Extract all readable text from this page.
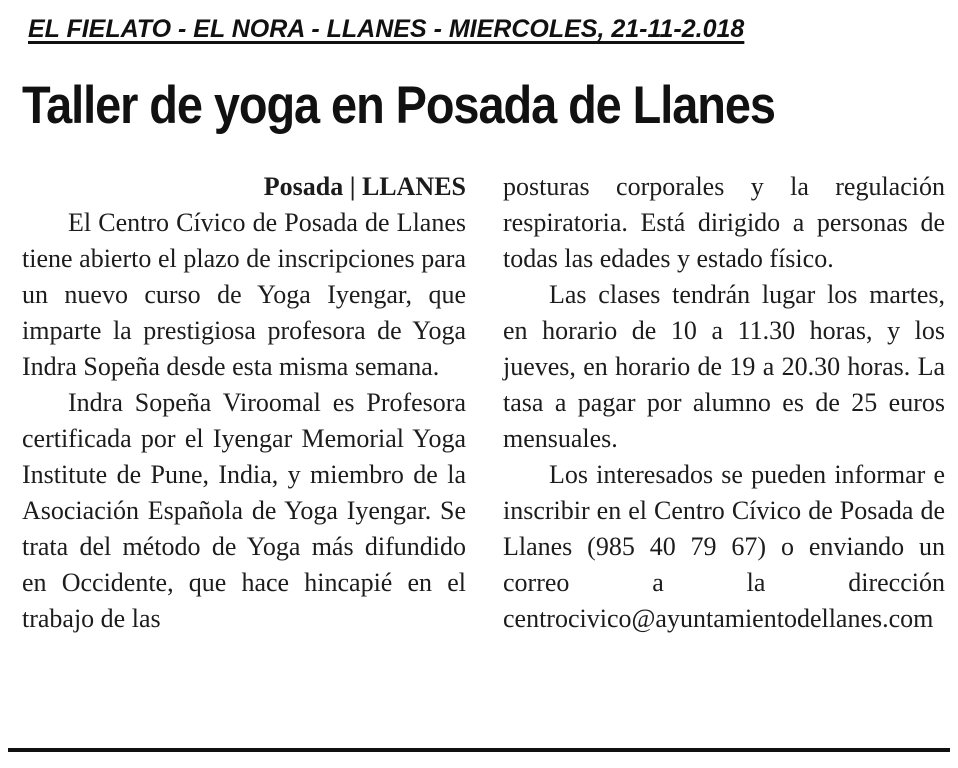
EL FIELATO - EL NORA - LLANES - MIERCOLES, 21-11-2.018
Taller de yoga en Posada de Llanes
Posada | LLANES

El Centro Cívico de Posada de Llanes tiene abierto el plazo de inscripciones para un nuevo curso de Yoga Iyengar, que imparte la prestigiosa profesora de Yoga Indra Sopeña desde esta misma semana.

Indra Sopeña Viroomal es Profesora certificada por el Iyengar Memorial Yoga Institute de Pune, India, y miembro de la Asociación Española de Yoga Iyengar. Se trata del método de Yoga más difundido en Occidente, que hace hincapié en el trabajo de las

posturas corporales y la regulación respiratoria. Está dirigido a personas de todas las edades y estado físico.

Las clases tendrán lugar los martes, en horario de 10 a 11.30 horas, y los jueves, en horario de 19 a 20.30 horas. La tasa a pagar por alumno es de 25 euros mensuales.

Los interesados se pueden informar e inscribir en el Centro Cívico de Posada de Llanes (985 40 79 67) o enviando un correo a la dirección centrocivico@ayuntamientodellanes.com
